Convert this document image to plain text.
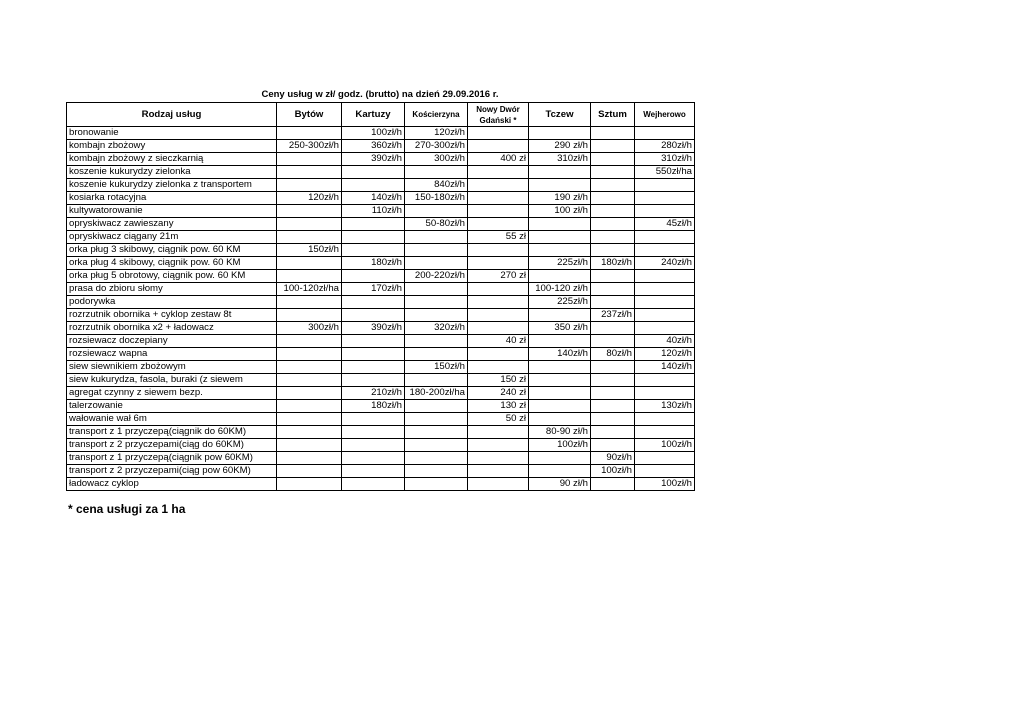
Ceny usług w zł/ godz. (brutto) na dzień 29.09.2016 r.
Rodzaj usług	Bytów	Kartuzy	Kościerzyna	Nowy Dwór Gdański *	Tczew	Sztum	Wejherowo
bronowanie		100zł/h	120zł/h				
kombajn zbożowy	250-300zł/h	360zł/h	270-300zł/h		290 zł/h		280zł/h
kombajn zbożowy z sieczkarnią		390zł/h	300zł/h	400 zł	310zł/h		310zł/h
koszenie kukurydzy zielonka							550zł/ha
koszenie kukurydzy zielonka z transportem			840zł/h				
kosiarka rotacyjna	120zł/h	140zł/h	150-180zł/h		190 zł/h		
kultywatorowanie		110zł/h			100 zł/h		
opryskiwacz zawieszany			50-80zł/h				45zł/h
opryskiwacz ciągany 21m				55 zł			
orka pług 3 skibowy, ciągnik pow. 60 KM	150zł/h						
orka pług 4 skibowy, ciągnik pow. 60 KM		180zł/h			225zł/h	180zł/h	240zł/h
orka pług 5 obrotowy, ciągnik pow. 60 KM			200-220zł/h	270 zł			
prasa do zbioru słomy	100-120zł/ha	170zł/h			100-120 zł/h		
podorywka					225zł/h		
rozrzutnik obornika + cyklop zestaw 8t						237zł/h	
rozrzutnik obornika x2 + ładowacz	300zł/h	390zł/h	320zł/h		350 zł/h		
rozsiewacz doczepiany				40 zł			40zł/h
rozsiewacz wapna					140zł/h	80zł/h	120zł/h
siew siewnikiem zbożowym			150zł/h				140zł/h
siew kukurydza, fasola, buraki (z siewem				150 zł			
agregat czynny z siewem bezp.		210zł/h	180-200zł/ha	240 zł			
talerzowanie		180zł/h		130 zł			130zł/h
wałowanie wał 6m				50 zł			
transport z 1 przyczepą(ciągnik do 60KM)					80-90 zł/h		
transport z 2 przyczepami(ciąg do 60KM)					100zł/h		100zł/h
transport z 1 przyczepą(ciągnik pow 60KM)						90zł/h	
transport z 2 przyczepami(ciąg pow 60KM)						100zł/h	
ładowacz cyklop					90 zł/h		100zł/h
* cena usługi za 1 ha
